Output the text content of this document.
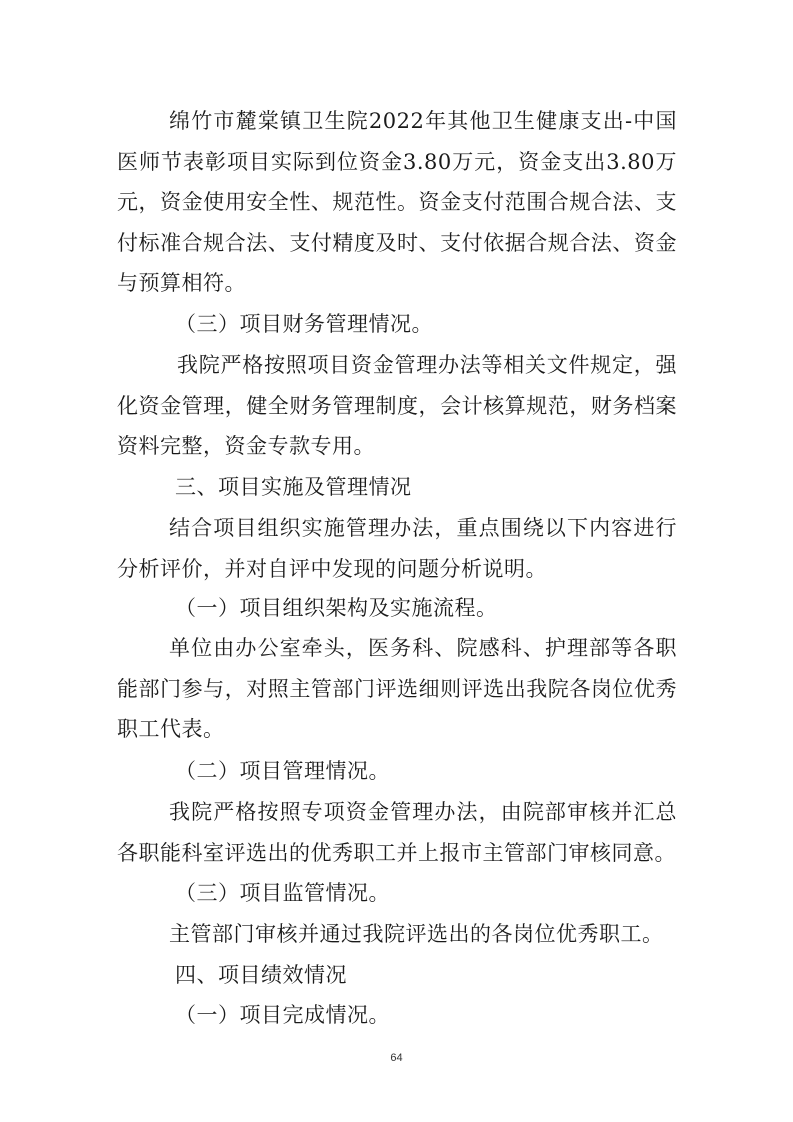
绵竹市麓棠镇卫生院2022年其他卫生健康支出-中国医师节表彰项目实际到位资金3.80万元，资金支出3.80万元，资金使用安全性、规范性。资金支付范围合规合法、支付标准合规合法、支付精度及时、支付依据合规合法、资金与预算相符。

（三）项目财务管理情况。

我院严格按照项目资金管理办法等相关文件规定，强化资金管理，健全财务管理制度，会计核算规范，财务档案资料完整，资金专款专用。

三、项目实施及管理情况

结合项目组织实施管理办法，重点围绕以下内容进行分析评价，并对自评中发现的问题分析说明。

（一）项目组织架构及实施流程。

单位由办公室牵头，医务科、院感科、护理部等各职能部门参与，对照主管部门评选细则评选出我院各岗位优秀职工代表。

（二）项目管理情况。

我院严格按照专项资金管理办法，由院部审核并汇总各职能科室评选出的优秀职工并上报市主管部门审核同意。

（三）项目监管情况。

主管部门审核并通过我院评选出的各岗位优秀职工。

四、项目绩效情况

（一）项目完成情况。

64
